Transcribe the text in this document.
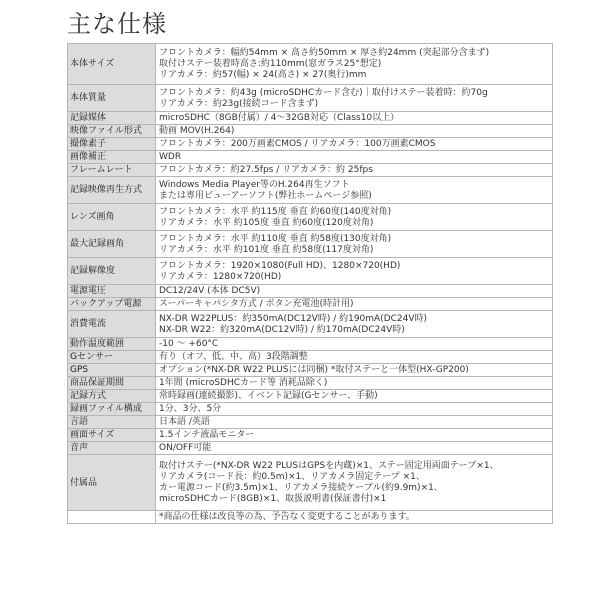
主な仕様
本体サイズ	フロントカメラ：幅約54mm × 高さ約50mm × 厚さ約24mm (突起部分含まず)
取付けステー装着時高さ:約110mm(窓ガラス25°想定)
リアカメラ：約57(幅) × 24(高さ) × 27(奥行)mm

本体質量	フロントカメラ：約43g (microSDHCカード含む)｜取付けステー装着時：約70g
リアカメラ：約23g(接続コード含まず)

記録媒体	microSDHC（8GB付属）/ 4〜32GB対応（Class10以上）

映像ファイル形式	動画 MOV(H.264)

撮像素子	フロントカメラ：200万画素CMOS / リアカメラ：100万画素CMOS

画像補正	WDR

フレームレート	フロントカメラ：約27.5fps / リアカメラ：約 25fps

記録映像再生方式	Windows Media Player等のH.264再生ソフト
または専用ビューアーソフト(弊社ホームページ参照)

レンズ画角	フロントカメラ：水平 約115度 垂直 約60度(140度対角)
リアカメラ：水平 約105度 垂直 約60度(120度対角)

最大記録画角	フロントカメラ：水平 約110度 垂直 約58度(130度対角)
リアカメラ：水平 約101度 垂直 約58度(117度対角)

記録解像度	フロントカメラ：1920×1080(Full HD)、1280×720(HD)
リアカメラ：1280×720(HD)

電源電圧	DC12/24V (本体 DC5V)

バックアップ電源	スーパーキャパシタ方式 / ボタン充電池(時計用)

消費電流	NX-DR W22PLUS：約350mA(DC12V時) / 約190mA(DC24V時)
NX-DR W22：約320mA(DC12V時) / 約170mA(DC24V時)

動作温度範囲	-10 〜 +60°C

Gセンサー	有り（オフ、低、中、高）3段階調整

GPS	オプション(*NX-DR W22 PLUSには同梱) *取付ステーと一体型(HX-GP200)

商品保証期間	1年間 (microSDHCカード等 消耗品除く)

記録方式	常時録画(連続撮影)、イベント記録(Gセンサー、手動)

録画ファイル構成	1分、3分、5分

言語	日本語 /英語

画面サイズ	1.5インチ液晶モニター

音声	ON/OFF可能

付属品	取付けステー(*NX-DR W22 PLUSはGPSを内蔵)×1、ステー固定用両面テープ×1、
リアカメラ(コード長：約0.5m)×1、リアカメラ固定テープ ×1、
カー電源コード(約3.5m)×1、リアカメラ接続ケーブル(約9.9m)×1、
microSDHCカード(8GB)×1、取扱説明書(保証書付)×1

	*商品の仕様は改良等の為、予告なく変更することがあります。
